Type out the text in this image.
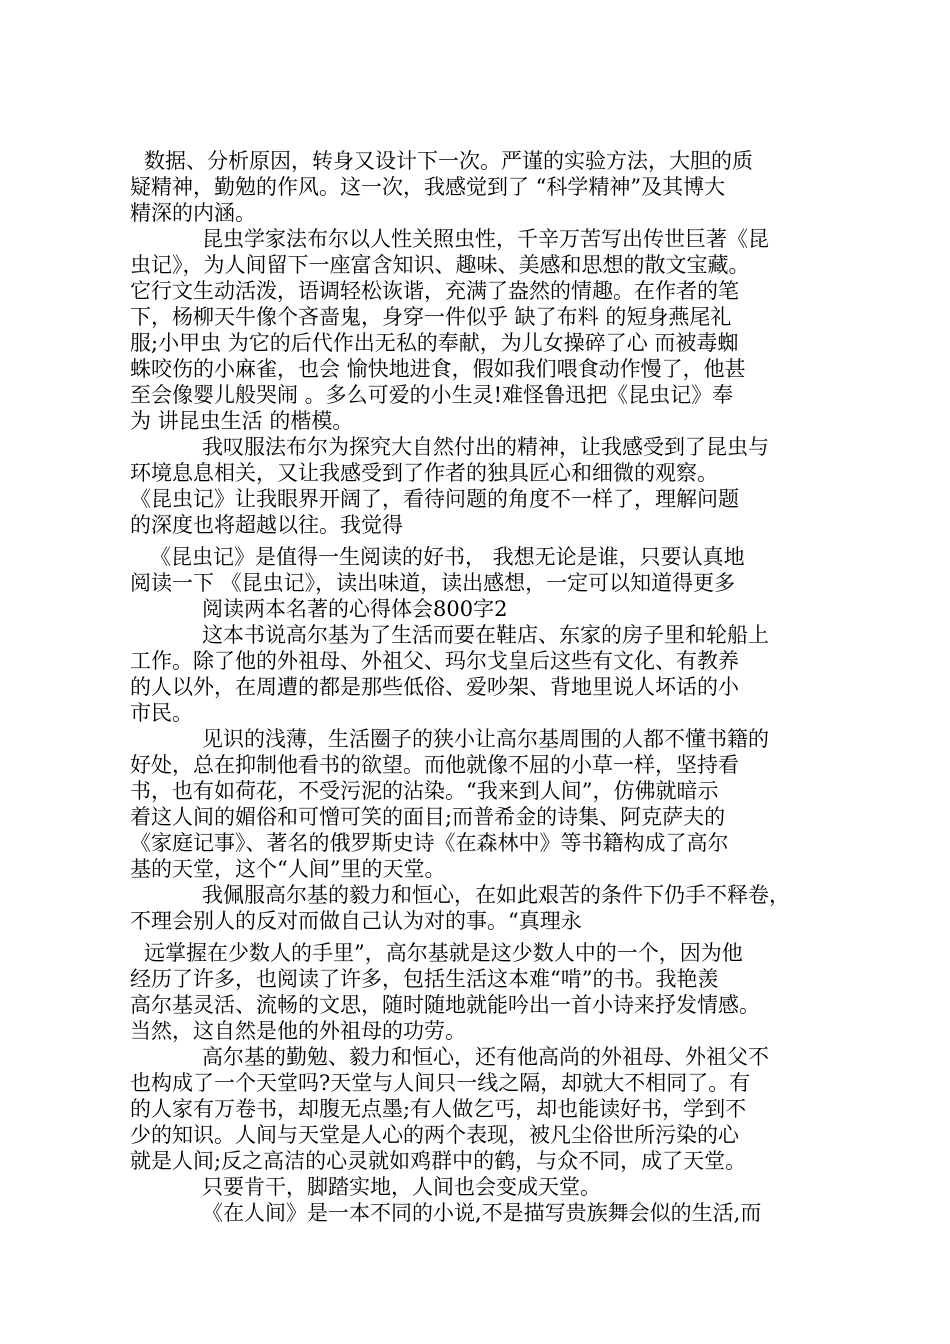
数据、分析原因，转身又设计下一次。严谨的实验方法，大胆的质
疑精神，勤勉的作风。这一次，我感觉到了 “科学精神”及其博大
精深的内涵。
昆虫学家法布尔以人性关照虫性，千辛万苦写出传世巨著《昆
虫记》，为人间留下一座富含知识、趣味、美感和思想的散文宝藏。
它行文生动活泼，语调轻松诙谐，充满了盎然的情趣。在作者的笔
下，杨柳天牛像个吝啬鬼，身穿一件似乎 缺了布料 的短身燕尾礼
服;小甲虫 为它的后代作出无私的奉献，为儿女操碎了心 而被毒蜘
蛛咬伤的小麻雀，也会 愉快地进食，假如我们喂食动作慢了，他甚
至会像婴儿般哭闹 。多么可爱的小生灵!难怪鲁迅把《昆虫记》奉
为 讲昆虫生活 的楷模。
我叹服法布尔为探究大自然付出的精神，让我感受到了昆虫与
环境息息相关，又让我感受到了作者的独具匠心和细微的观察。
《昆虫记》让我眼界开阔了，看待问题的角度不一样了，理解问题
的深度也将超越以往。我觉得
《昆虫记》是值得一生阅读的好书， 我想无论是谁，只要认真地
阅读一下 《昆虫记》，读出味道，读出感想，一定可以知道得更多
阅读两本名著的心得体会800字2
这本书说高尔基为了生活而要在鞋店、东家的房子里和轮船上
工作。除了他的外祖母、外祖父、玛尔戈皇后这些有文化、有教养
的人以外，在周遭的都是那些低俗、爱吵架、背地里说人坏话的小
市民。
见识的浅薄，生活圈子的狭小让高尔基周围的人都不懂书籍的
好处，总在抑制他看书的欲望。而他就像不屈的小草一样，坚持看
书，也有如荷花，不受污泥的沾染。“我来到人间”，仿佛就暗示
着这人间的媚俗和可憎可笑的面目;而普希金的诗集、阿克萨夫的
《家庭记事》、著名的俄罗斯史诗《在森林中》等书籍构成了高尔
基的天堂，这个“人间”里的天堂。
我佩服高尔基的毅力和恒心，在如此艰苦的条件下仍手不释卷，
不理会别人的反对而做自己认为对的事。“真理永
远掌握在少数人的手里”，高尔基就是这少数人中的一个，因为他
经历了许多，也阅读了许多，包括生活这本难“啃”的书。我艳羡
高尔基灵活、流畅的文思，随时随地就能吟出一首小诗来抒发情感。
当然，这自然是他的外祖母的功劳。
高尔基的勤勉、毅力和恒心，还有他高尚的外祖母、外祖父不
也构成了一个天堂吗?天堂与人间只一线之隔，却就大不相同了。有
的人家有万卷书，却腹无点墨;有人做乞丐，却也能读好书，学到不
少的知识。人间与天堂是人心的两个表现，被凡尘俗世所污染的心
就是人间;反之高洁的心灵就如鸡群中的鹤，与众不同，成了天堂。
只要肯干，脚踏实地，人间也会变成天堂。
《在人间》是一本不同的小说,不是描写贵族舞会似的生活,而
